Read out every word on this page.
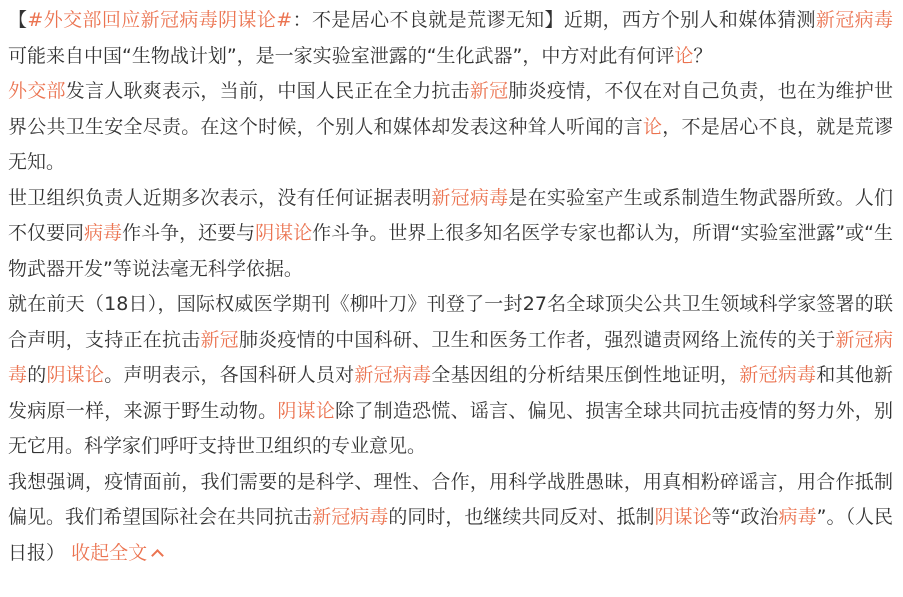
【#外交部回应新冠病毒阴谋论#：不是居心不良就是荒谬无知】近期，西方个别人和媒体猜测新冠病毒可能来自中国“生物战计划”，是一家实验室泄露的“生化武器”，中方对此有何评论？

外交部发言人耿爽表示，当前，中国人民正在全力抗击新冠肺炎疫情，不仅在对自己负责，也在为维护世界公共卫生安全尽责。在这个时候，个别人和媒体却发表这种耸人听闻的言论，不是居心不良，就是荒谬无知。

世卫组织负责人近期多次表示，没有任何证据表明新冠病毒是在实验室产生或系制造生物武器所致。人们不仅要同病毒作斗争，还要与阴谋论作斗争。世界上很多知名医学专家也都认为，所谓“实验室泄露”或“生物武器开发”等说法毫无科学依据。

就在前天（18日），国际权威医学期刊《柳叶刀》刊登了一封27名全球顶尖公共卫生领域科学家签署的联合声明，支持正在抗击新冠肺炎疫情的中国科研、卫生和医务工作者，强烈谴责网络上流传的关于新冠病毒的阴谋论。声明表示，各国科研人员对新冠病毒全基因组的分析结果压倒性地证明，新冠病毒和其他新发病原一样，来源于野生动物。阴谋论除了制造恐慌、谣言、偏见、损害全球共同抗击疫情的努力外，别无它用。科学家们呼吁支持世卫组织的专业意见。

我想强调，疫情面前，我们需要的是科学、理性、合作，用科学战胜愚昧，用真相粉碎谣言，用合作抵制偏见。我们希望国际社会在共同抗击新冠病毒的同时，也继续共同反对、抵制阴谋论等“政治病毒”。（人民日报） 收起全文
